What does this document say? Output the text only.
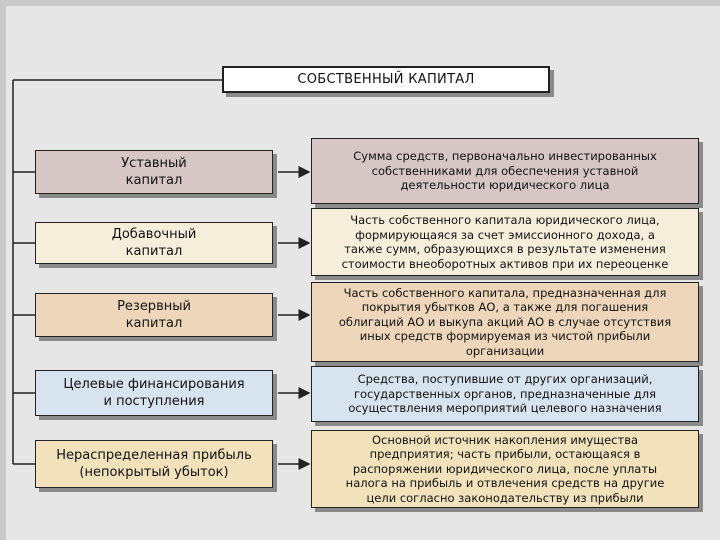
СОБСТВЕННЫЙ КАПИТАЛ
Уставный
капитал
Сумма средств, первоначально инвестированных
собственниками для обеспечения уставной
деятельности юридического лица
Добавочный
капитал
Часть собственного капитала юридического лица,
формирующаяся за счет эмиссионного дохода, а
также сумм, образующихся в результате изменения
стоимости внеоборотных активов при их переоценке
Резервный
капитал
Часть собственного капитала, предназначенная для
покрытия убытков АО, а также для погашения
облигаций АО и выкупа акций АО в случае отсутствия
иных средств формируемая из чистой прибыли
организации
Целевые финансирования
и поступления
Средства, поступившие от других организаций,
государственных органов, предназначенные для
осуществления мероприятий целевого назначения
Нераспределенная прибыль
(непокрытый убыток)
Основной источник накопления имущества
предприятия; часть прибыли, остающаяся в
распоряжении юридического лица, после уплаты
налога на прибыль и отвлечения средств на другие
цели согласно законодательству из прибыли
